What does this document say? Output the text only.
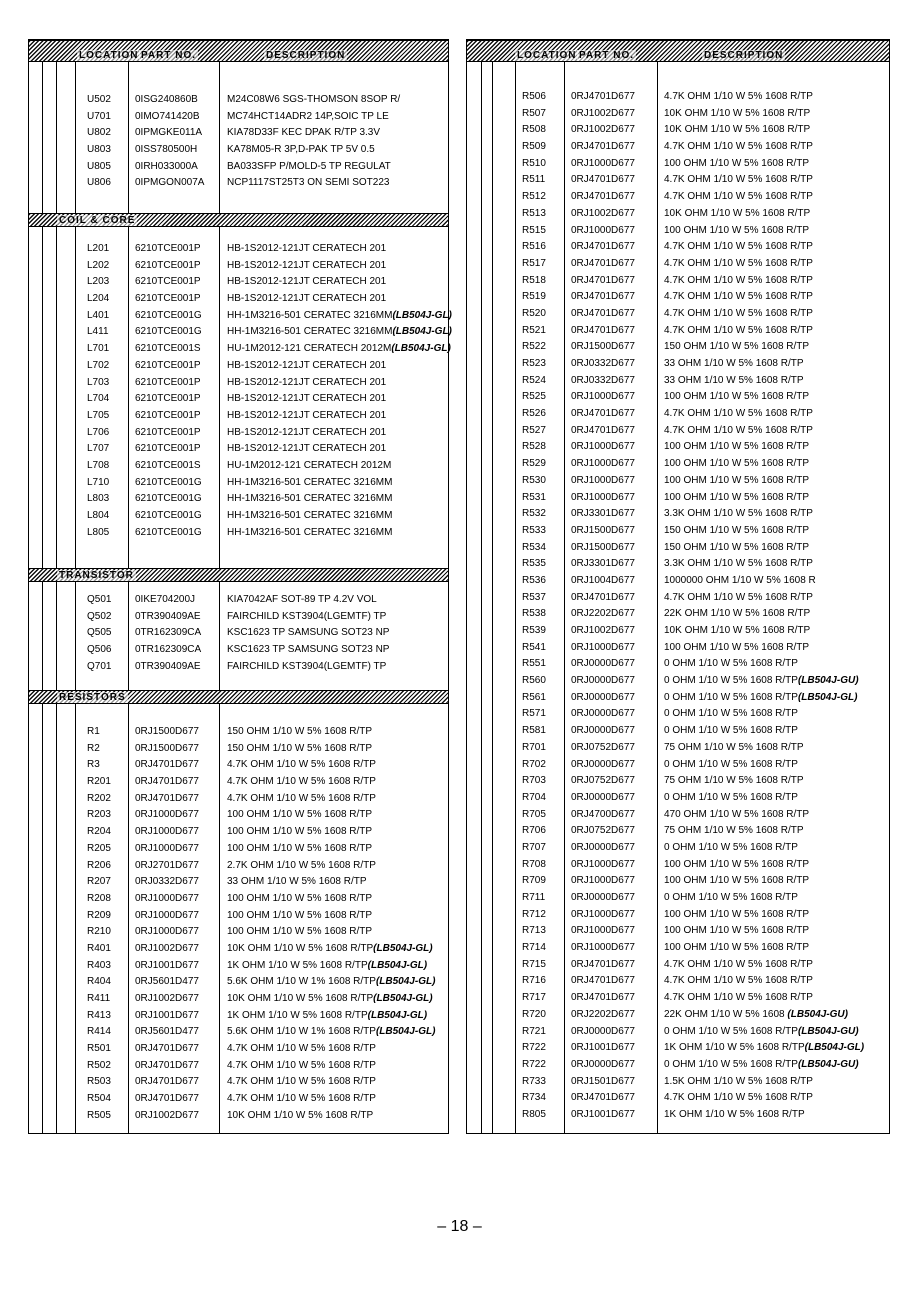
LOCATION PART NO.	DESCRIPTION
U502 0ISG240860B	M24C08W6 SGS-THOMSON 8SOP R/
U701 0IMO741420B	MC74HCT14ADR2 14P,SOIC TP LE
U802 0IPMGKE011A KIA78D33F KEC DPAK R/TP 3.3V
U803 0ISS780500H	KA78M05-R 3P,D-PAK TP 5V 0.5
U805 0IRH033000A	BA033SFP P/MOLD-5 TP REGULAT
U806 0IPMGON007A NCP1117ST25T3 ON SEMI SOT223
COIL & CORE
L201	6210TCE001P	HB-1S2012-121JT CERATECH 201
L202	6210TCE001P	HB-1S2012-121JT CERATECH 201
L203	6210TCE001P	HB-1S2012-121JT CERATECH 201
L204	6210TCE001P	HB-1S2012-121JT CERATECH 201
L401	6210TCE001G	HH-1M3216-501 CERATEC 3216MM(LB504J-GL)
L411	6210TCE001G	HH-1M3216-501 CERATEC 3216MM(LB504J-GL)
L701	6210TCE001S	HU-1M2012-121 CERATECH 2012M(LB504J-GL)
L702	6210TCE001P	HB-1S2012-121JT CERATECH 201
L703	6210TCE001P	HB-1S2012-121JT CERATECH 201
L704	6210TCE001P	HB-1S2012-121JT CERATECH 201
L705	6210TCE001P	HB-1S2012-121JT CERATECH 201
L706	6210TCE001P	HB-1S2012-121JT CERATECH 201
L707	6210TCE001P	HB-1S2012-121JT CERATECH 201
L708	6210TCE001S	HU-1M2012-121 CERATECH 2012M
L710	6210TCE001G	HH-1M3216-501 CERATEC 3216MM
L803	6210TCE001G	HH-1M3216-501 CERATEC 3216MM
L804	6210TCE001G	HH-1M3216-501 CERATEC 3216MM
L805	6210TCE001G	HH-1M3216-501 CERATEC 3216MM
TRANSISTOR
Q501 0IKE704200J	KIA7042AF SOT-89 TP 4.2V VOL
Q502 0TR390409AE	FAIRCHILD KST3904(LGEMTF) TP
Q505 0TR162309CA	KSC1623 TP SAMSUNG SOT23 NP
Q506 0TR162309CA	KSC1623 TP SAMSUNG SOT23 NP
Q701 0TR390409AE	FAIRCHILD KST3904(LGEMTF) TP
RESISTORS
R1	0RJ1500D677	150 OHM 1/10 W 5% 1608 R/TP
R2	0RJ1500D677	150 OHM 1/10 W 5% 1608 R/TP
R3	0RJ4701D677	4.7K OHM 1/10 W 5% 1608 R/TP
R201 0RJ4701D677	4.7K OHM 1/10 W 5% 1608 R/TP
R202 0RJ4701D677	4.7K OHM 1/10 W 5% 1608 R/TP
R203 0RJ1000D677	100 OHM 1/10 W 5% 1608 R/TP
R204 0RJ1000D677	100 OHM 1/10 W 5% 1608 R/TP
R205 0RJ1000D677	100 OHM 1/10 W 5% 1608 R/TP
R206 0RJ2701D677	2.7K OHM 1/10 W 5% 1608 R/TP
R207 0RJ0332D677	33 OHM 1/10 W 5% 1608 R/TP
R208 0RJ1000D677	100 OHM 1/10 W 5% 1608 R/TP
R209 0RJ1000D677	100 OHM 1/10 W 5% 1608 R/TP
R210 0RJ1000D677	100 OHM 1/10 W 5% 1608 R/TP
R401 0RJ1002D677	10K OHM 1/10 W 5% 1608 R/TP(LB504J-GL)
R403 0RJ1001D677	1K OHM 1/10 W 5% 1608 R/TP(LB504J-GL)
R404 0RJ5601D477	5.6K OHM 1/10 W 1% 1608 R/TP(LB504J-GL)
R411 0RJ1002D677	10K OHM 1/10 W 5% 1608 R/TP(LB504J-GL)
R413 0RJ1001D677	1K OHM 1/10 W 5% 1608 R/TP(LB504J-GL)
R414 0RJ5601D477	5.6K OHM 1/10 W 1% 1608 R/TP(LB504J-GL)
R501 0RJ4701D677	4.7K OHM 1/10 W 5% 1608 R/TP
R502 0RJ4701D677	4.7K OHM 1/10 W 5% 1608 R/TP
R503 0RJ4701D677	4.7K OHM 1/10 W 5% 1608 R/TP
R504 0RJ4701D677	4.7K OHM 1/10 W 5% 1608 R/TP
R505 0RJ1002D677	10K OHM 1/10 W 5% 1608 R/TP
LOCATION PART NO.	DESCRIPTION
R506	0RJ4701D677	4.7K OHM 1/10 W 5% 1608 R/TP
R507	0RJ1002D677	10K OHM 1/10 W 5% 1608 R/TP
R508	0RJ1002D677	10K OHM 1/10 W 5% 1608 R/TP
R509	0RJ4701D677	4.7K OHM 1/10 W 5% 1608 R/TP
R510	0RJ1000D677	100 OHM 1/10 W 5% 1608 R/TP
R511	0RJ4701D677	4.7K OHM 1/10 W 5% 1608 R/TP
R512	0RJ4701D677	4.7K OHM 1/10 W 5% 1608 R/TP
R513	0RJ1002D677	10K OHM 1/10 W 5% 1608 R/TP
R515	0RJ1000D677	100 OHM 1/10 W 5% 1608 R/TP
R516	0RJ4701D677	4.7K OHM 1/10 W 5% 1608 R/TP
R517	0RJ4701D677	4.7K OHM 1/10 W 5% 1608 R/TP
R518	0RJ4701D677	4.7K OHM 1/10 W 5% 1608 R/TP
R519	0RJ4701D677	4.7K OHM 1/10 W 5% 1608 R/TP
R520	0RJ4701D677	4.7K OHM 1/10 W 5% 1608 R/TP
R521	0RJ4701D677	4.7K OHM 1/10 W 5% 1608 R/TP
R522	0RJ1500D677	150 OHM 1/10 W 5% 1608 R/TP
R523	0RJ0332D677	33 OHM 1/10 W 5% 1608 R/TP
R524	0RJ0332D677	33 OHM 1/10 W 5% 1608 R/TP
R525	0RJ1000D677	100 OHM 1/10 W 5% 1608 R/TP
R526	0RJ4701D677	4.7K OHM 1/10 W 5% 1608 R/TP
R527	0RJ4701D677	4.7K OHM 1/10 W 5% 1608 R/TP
R528	0RJ1000D677	100 OHM 1/10 W 5% 1608 R/TP
R529	0RJ1000D677	100 OHM 1/10 W 5% 1608 R/TP
R530	0RJ1000D677	100 OHM 1/10 W 5% 1608 R/TP
R531	0RJ1000D677	100 OHM 1/10 W 5% 1608 R/TP
R532	0RJ3301D677	3.3K OHM 1/10 W 5% 1608 R/TP
R533	0RJ1500D677	150 OHM 1/10 W 5% 1608 R/TP
R534	0RJ1500D677	150 OHM 1/10 W 5% 1608 R/TP
R535	0RJ3301D677	3.3K OHM 1/10 W 5% 1608 R/TP
R536	0RJ1004D677	1000000 OHM 1/10 W 5% 1608 R
R537	0RJ4701D677	4.7K OHM 1/10 W 5% 1608 R/TP
R538	0RJ2202D677	22K OHM 1/10 W 5% 1608 R/TP
R539	0RJ1002D677	10K OHM 1/10 W 5% 1608 R/TP
R541	0RJ1000D677	100 OHM 1/10 W 5% 1608 R/TP
R551	0RJ0000D677	0 OHM 1/10 W 5% 1608 R/TP
R560	0RJ0000D677	0 OHM 1/10 W 5% 1608 R/TP(LB504J-GU)
R561	0RJ0000D677	0 OHM 1/10 W 5% 1608 R/TP(LB504J-GL)
R571	0RJ0000D677	0 OHM 1/10 W 5% 1608 R/TP
R581	0RJ0000D677	0 OHM 1/10 W 5% 1608 R/TP
R701	0RJ0752D677	75 OHM 1/10 W 5% 1608 R/TP
R702	0RJ0000D677	0 OHM 1/10 W 5% 1608 R/TP
R703	0RJ0752D677	75 OHM 1/10 W 5% 1608 R/TP
R704	0RJ0000D677	0 OHM 1/10 W 5% 1608 R/TP
R705	0RJ4700D677	470 OHM 1/10 W 5% 1608 R/TP
R706	0RJ0752D677	75 OHM 1/10 W 5% 1608 R/TP
R707	0RJ0000D677	0 OHM 1/10 W 5% 1608 R/TP
R708	0RJ1000D677	100 OHM 1/10 W 5% 1608 R/TP
R709	0RJ1000D677	100 OHM 1/10 W 5% 1608 R/TP
R711	0RJ0000D677	0 OHM 1/10 W 5% 1608 R/TP
R712	0RJ1000D677	100 OHM 1/10 W 5% 1608 R/TP
R713	0RJ1000D677	100 OHM 1/10 W 5% 1608 R/TP
R714	0RJ1000D677	100 OHM 1/10 W 5% 1608 R/TP
R715	0RJ4701D677	4.7K OHM 1/10 W 5% 1608 R/TP
R716	0RJ4701D677	4.7K OHM 1/10 W 5% 1608 R/TP
R717	0RJ4701D677	4.7K OHM 1/10 W 5% 1608 R/TP
R720	0RJ2202D677	22K OHM 1/10 W 5% 1608 (LB504J-GU)
R721	0RJ0000D677	0 OHM 1/10 W 5% 1608 R/TP(LB504J-GU)
R722	0RJ1001D677	1K OHM 1/10 W 5% 1608 R/TP(LB504J-GL)
R722	0RJ0000D677	0 OHM 1/10 W 5% 1608 R/TP(LB504J-GU)
R733	0RJ1501D677	1.5K OHM 1/10 W 5% 1608 R/TP
R734	0RJ4701D677	4.7K OHM 1/10 W 5% 1608 R/TP
R805	0RJ1001D677	1K OHM 1/10 W 5% 1608 R/TP
– 18 –
